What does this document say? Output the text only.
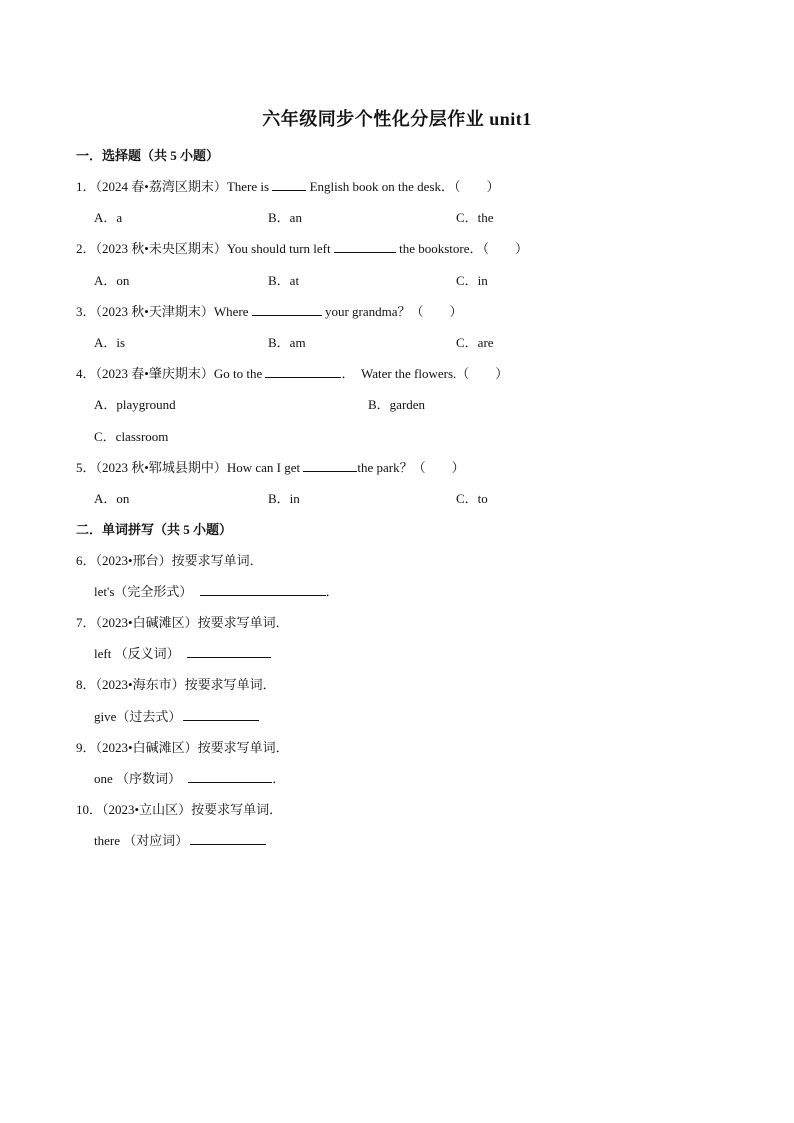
六年级同步个性化分层作业 unit1
一．选择题（共 5 小题）
1．（2024 春•荔湾区期末）There is	English book on the desk．（　　）
A．a	B．an	C．the
2．（2023 秋•未央区期末）You should turn left	the bookstore．（　　）
A．on	B．at	C．in
3．（2023 秋•天津期末）Where	your grandma？（　　）
A．is	B．am	C．are
4．（2023 春•肇庆期末）Go to the	．　Water the flowers.（　　）
A．playground	B．garden
C．classroom
5．（2023 秋•郓城县期中）How can I get	the park？（　　）
A．on	B．in	C．to
二．单词拼写（共 5 小题）
6．（2023•邢台）按要求写单词．
let's（完全形式）	．
7．（2023•白碱滩区）按要求写单词．
left （反义词）
8．（2023•海东市）按要求写单词．
give（过去式）
9．（2023•白碱滩区）按要求写单词．
one （序数词）	．
10．（2023•立山区）按要求写单词．
there （对应词）
